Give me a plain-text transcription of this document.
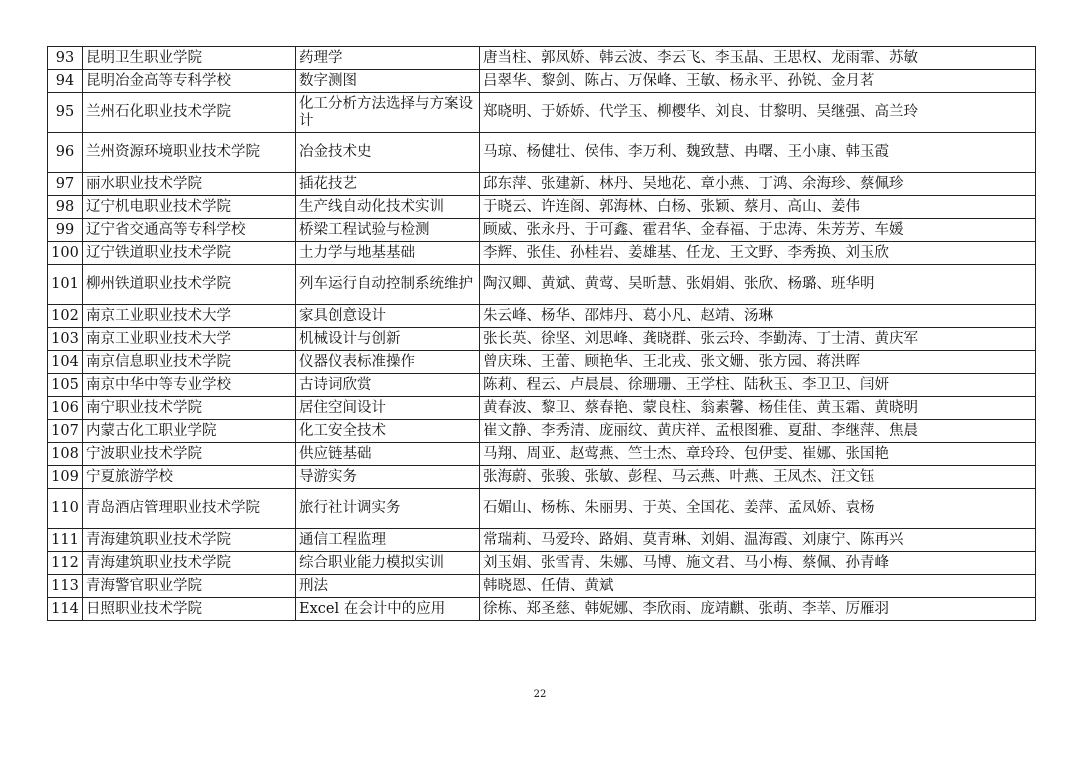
93	昆明卫生职业学院	药理学	唐当柱、郭凤娇、韩云波、李云飞、李玉晶、王思权、龙雨霏、苏敏
94	昆明冶金高等专科学校	数字测图	吕翠华、黎剑、陈占、万保峰、王敏、杨永平、孙锐、金月茗
95	兰州石化职业技术学院	化工分析方法选择与方案设计	郑晓明、于娇娇、代学玉、柳樱华、刘良、甘黎明、吴继强、高兰玲
96	兰州资源环境职业技术学院	冶金技术史	马琼、杨健壮、侯伟、李万利、魏致慧、冉曙、王小康、韩玉霞
97	丽水职业技术学院	插花技艺	邱东萍、张建新、林丹、吴地花、章小燕、丁鸿、余海珍、蔡佩珍
98	辽宁机电职业技术学院	生产线自动化技术实训	于晓云、许连阁、郭海林、白杨、张颖、蔡月、高山、姜伟
99	辽宁省交通高等专科学校	桥梁工程试验与检测	顾威、张永丹、于可鑫、霍君华、金春福、于忠涛、朱芳芳、车媛
100	辽宁铁道职业技术学院	土力学与地基基础	李辉、张佳、孙桂岩、姜雄基、任龙、王文野、李秀换、刘玉欣
101	柳州铁道职业技术学院	列车运行自动控制系统维护	陶汉卿、黄斌、黄莺、吴昕慧、张娟娟、张欣、杨璐、班华明
102	南京工业职业技术大学	家具创意设计	朱云峰、杨华、邵炜丹、葛小凡、赵靖、汤琳
103	南京工业职业技术大学	机械设计与创新	张长英、徐坚、刘思峰、龚晓群、张云玲、李勤涛、丁士清、黄庆军
104	南京信息职业技术学院	仪器仪表标准操作	曾庆珠、王蕾、顾艳华、王北戎、张文姗、张方园、蒋洪晖
105	南京中华中等专业学校	古诗词欣赏	陈莉、程云、卢晨晨、徐珊珊、王学柱、陆秋玉、李卫卫、闫妍
106	南宁职业技术学院	居住空间设计	黄春波、黎卫、蔡春艳、蒙良柱、翁素馨、杨佳佳、黄玉霜、黄晓明
107	内蒙古化工职业学院	化工安全技术	崔文静、李秀清、庞丽纹、黄庆祥、孟根图雅、夏甜、李继萍、焦晨
108	宁波职业技术学院	供应链基础	马翔、周亚、赵莺燕、竺士杰、章玲玲、包伊雯、崔娜、张国艳
109	宁夏旅游学校	导游实务	张海蔚、张骏、张敏、彭程、马云燕、叶燕、王凤杰、汪文钰
110	青岛酒店管理职业技术学院	旅行社计调实务	石媚山、杨栋、朱丽男、于英、全国花、姜萍、孟凤娇、袁杨
111	青海建筑职业技术学院	通信工程监理	常瑞莉、马爱玲、路娟、莫青琳、刘娟、温海霞、刘康宁、陈再兴
112	青海建筑职业技术学院	综合职业能力模拟实训	刘玉娟、张雪青、朱娜、马博、施文君、马小梅、蔡佩、孙青峰
113	青海警官职业学院	刑法	韩晓恩、任倩、黄斌
114	日照职业技术学院	Excel 在会计中的应用	徐栋、郑圣慈、韩妮娜、李欣雨、庞靖麒、张萌、李莘、厉雁羽
22
